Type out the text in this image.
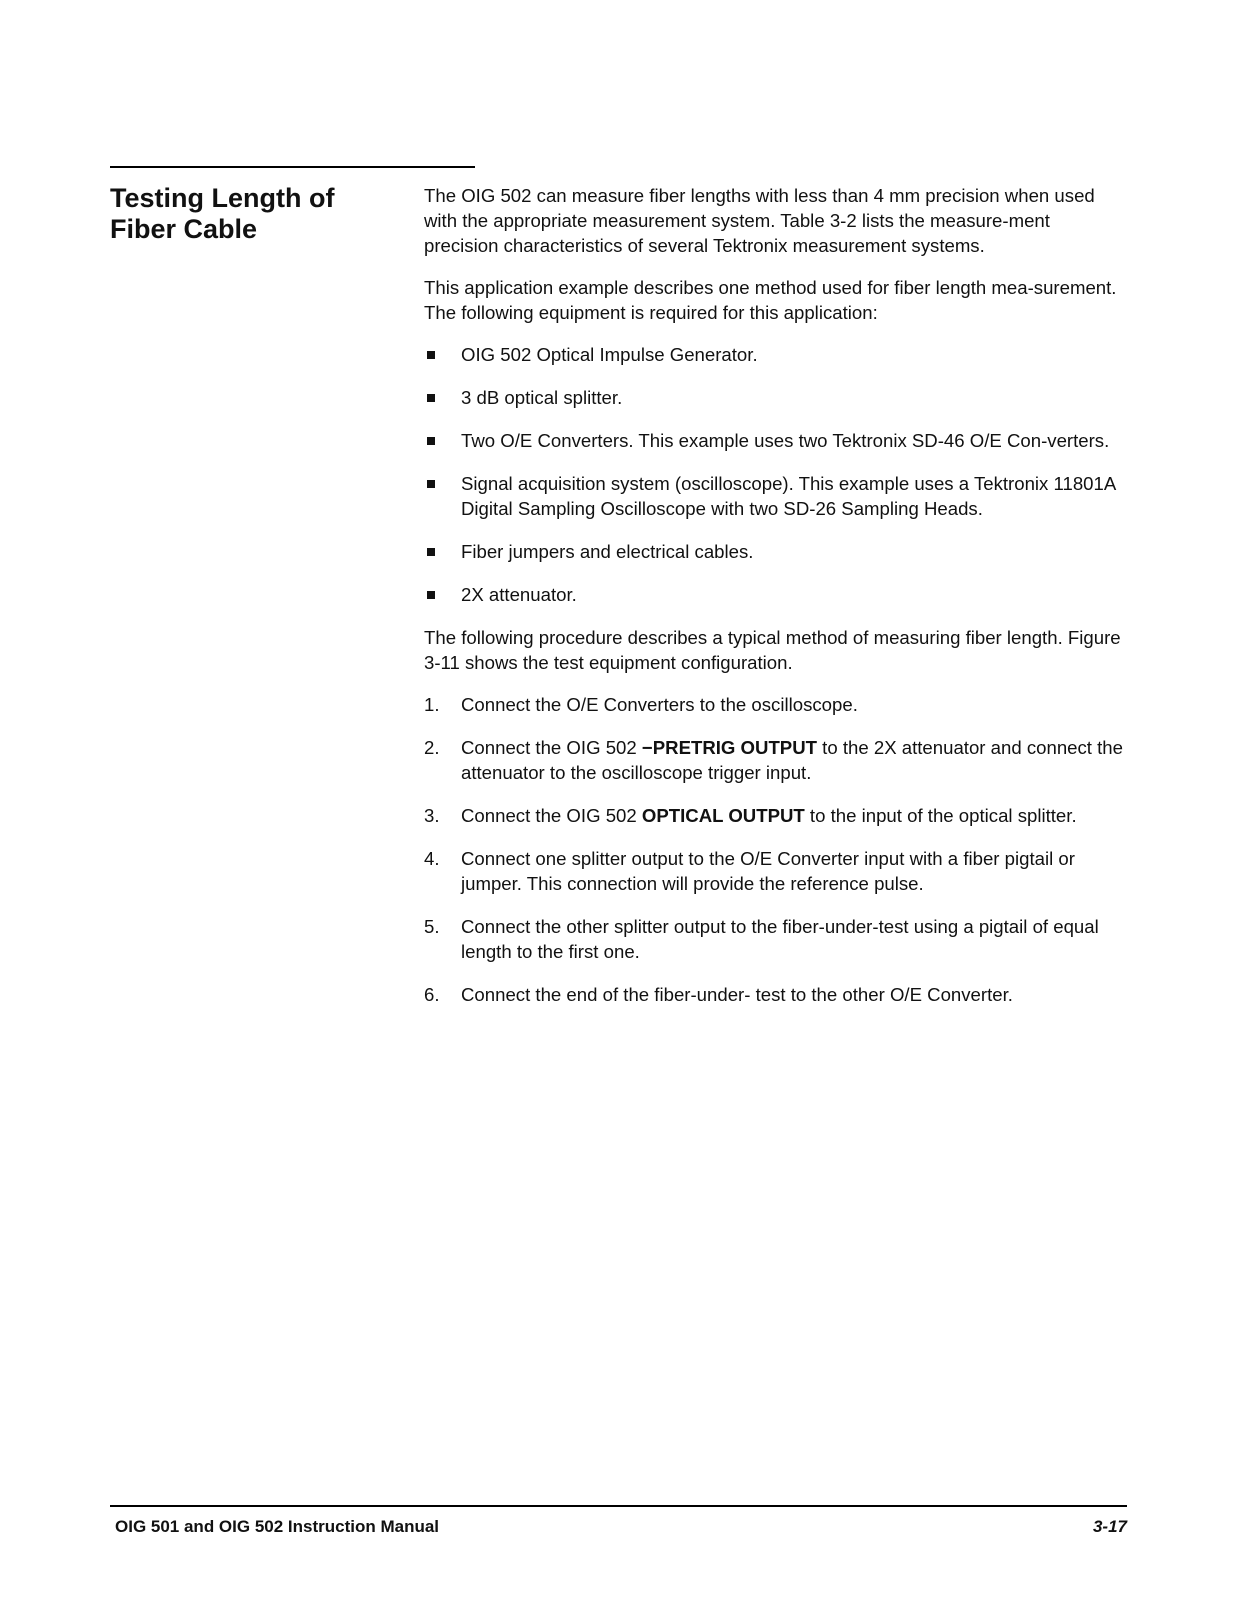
Testing Length of
Fiber Cable

The OIG 502 can measure fiber lengths with less than 4 mm precision when used with the appropriate measurement system. Table 3-2 lists the measure-ment precision characteristics of several Tektronix measurement systems.

This application example describes one method used for fiber length mea-surement. The following equipment is required for this application:

OIG 502 Optical Impulse Generator.
3 dB optical splitter.
Two O/E Converters. This example uses two Tektronix SD-46 O/E Con-verters.
Signal acquisition system (oscilloscope). This example uses a Tektronix 11801A Digital Sampling Oscilloscope with two SD-26 Sampling Heads.
Fiber jumpers and electrical cables.
2X attenuator.

The following procedure describes a typical method of measuring fiber length. Figure 3-11 shows the test equipment configuration.

1. Connect the O/E Converters to the oscilloscope.
2. Connect the OIG 502 −PRETRIG OUTPUT to the 2X attenuator and connect the attenuator to the oscilloscope trigger input.
3. Connect the OIG 502 OPTICAL OUTPUT to the input of the optical splitter.
4. Connect one splitter output to the O/E Converter input with a fiber pigtail or jumper. This connection will provide the reference pulse.
5. Connect the other splitter output to the fiber-under-test using a pigtail of equal length to the first one.
6. Connect the end of the fiber-under- test to the other O/E Converter.
OIG 501 and OIG 502 Instruction Manual	3-17
